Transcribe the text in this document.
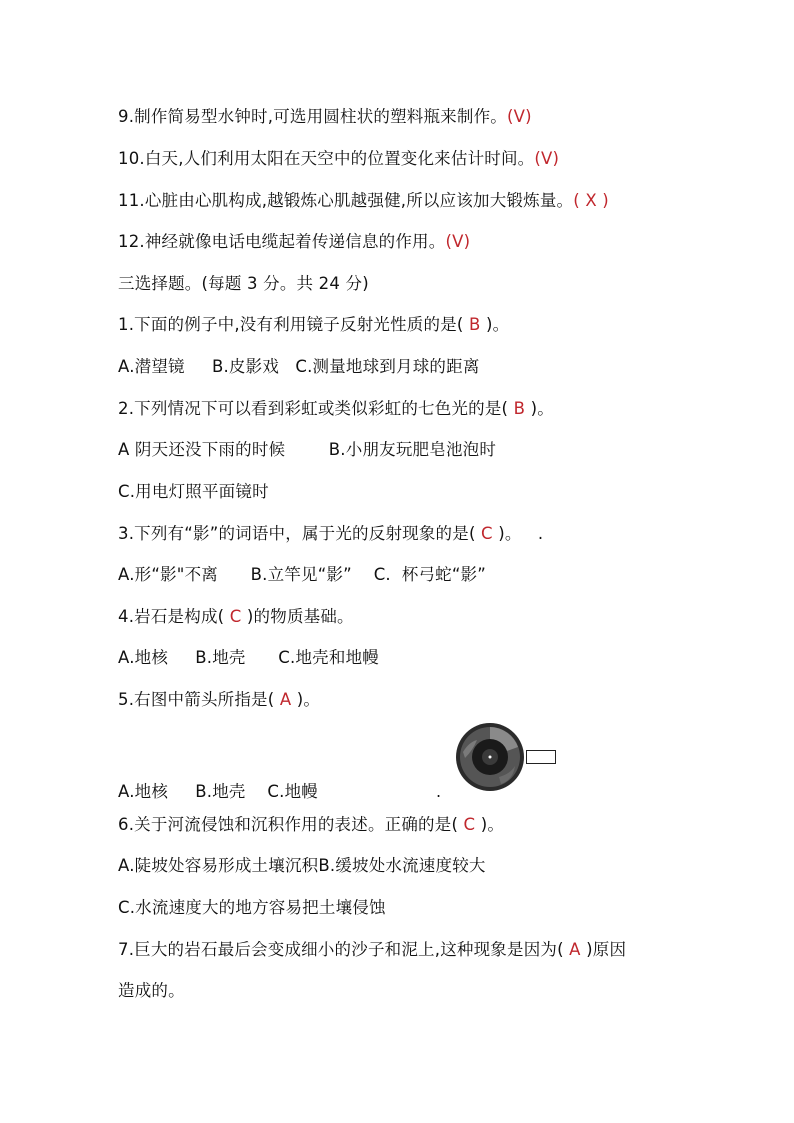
9.制作简易型水钟时,可选用圆柱状的塑料瓶来制作。(V)
10.白天,人们利用太阳在天空中的位置变化来估计时间。(V)
11.心脏由心肌构成,越锻炼心肌越强健,所以应该加大锻炼量。( X )
12.神经就像电话电缆起着传递信息的作用。(V)
三选择题。(每题 3 分。共 24 分)
1.下面的例子中,没有利用镜子反射光性质的是( B )。
A.潜望镜     B.皮影戏   C.测量地球到月球的距离
2.下列情况下可以看到彩虹或类似彩虹的七色光的是( B )。
A 阴天还没下雨的时候        B.小朋友玩肥皂池泡时
C.用电灯照平面镜时
3.下列有“影”的词语中，属于光的反射现象的是( C )。   .
A.形“影"不离      B.立竿见“影”    C.  杯弓蛇“影”
4.岩石是构成( C )的物质基础。
A.地核     B.地壳      C.地壳和地幔
5.右图中箭头所指是( A )。
A.地核     B.地壳    C.地幔
6.关于河流侵蚀和沉积作用的表述。正确的是( C )。
A.陡坡处容易形成土壤沉积B.缓坡处水流速度较大
C.水流速度大的地方容易把土壤侵蚀
7.巨大的岩石最后会变成细小的沙子和泥上,这种现象是因为( A )原因
造成的。
.
